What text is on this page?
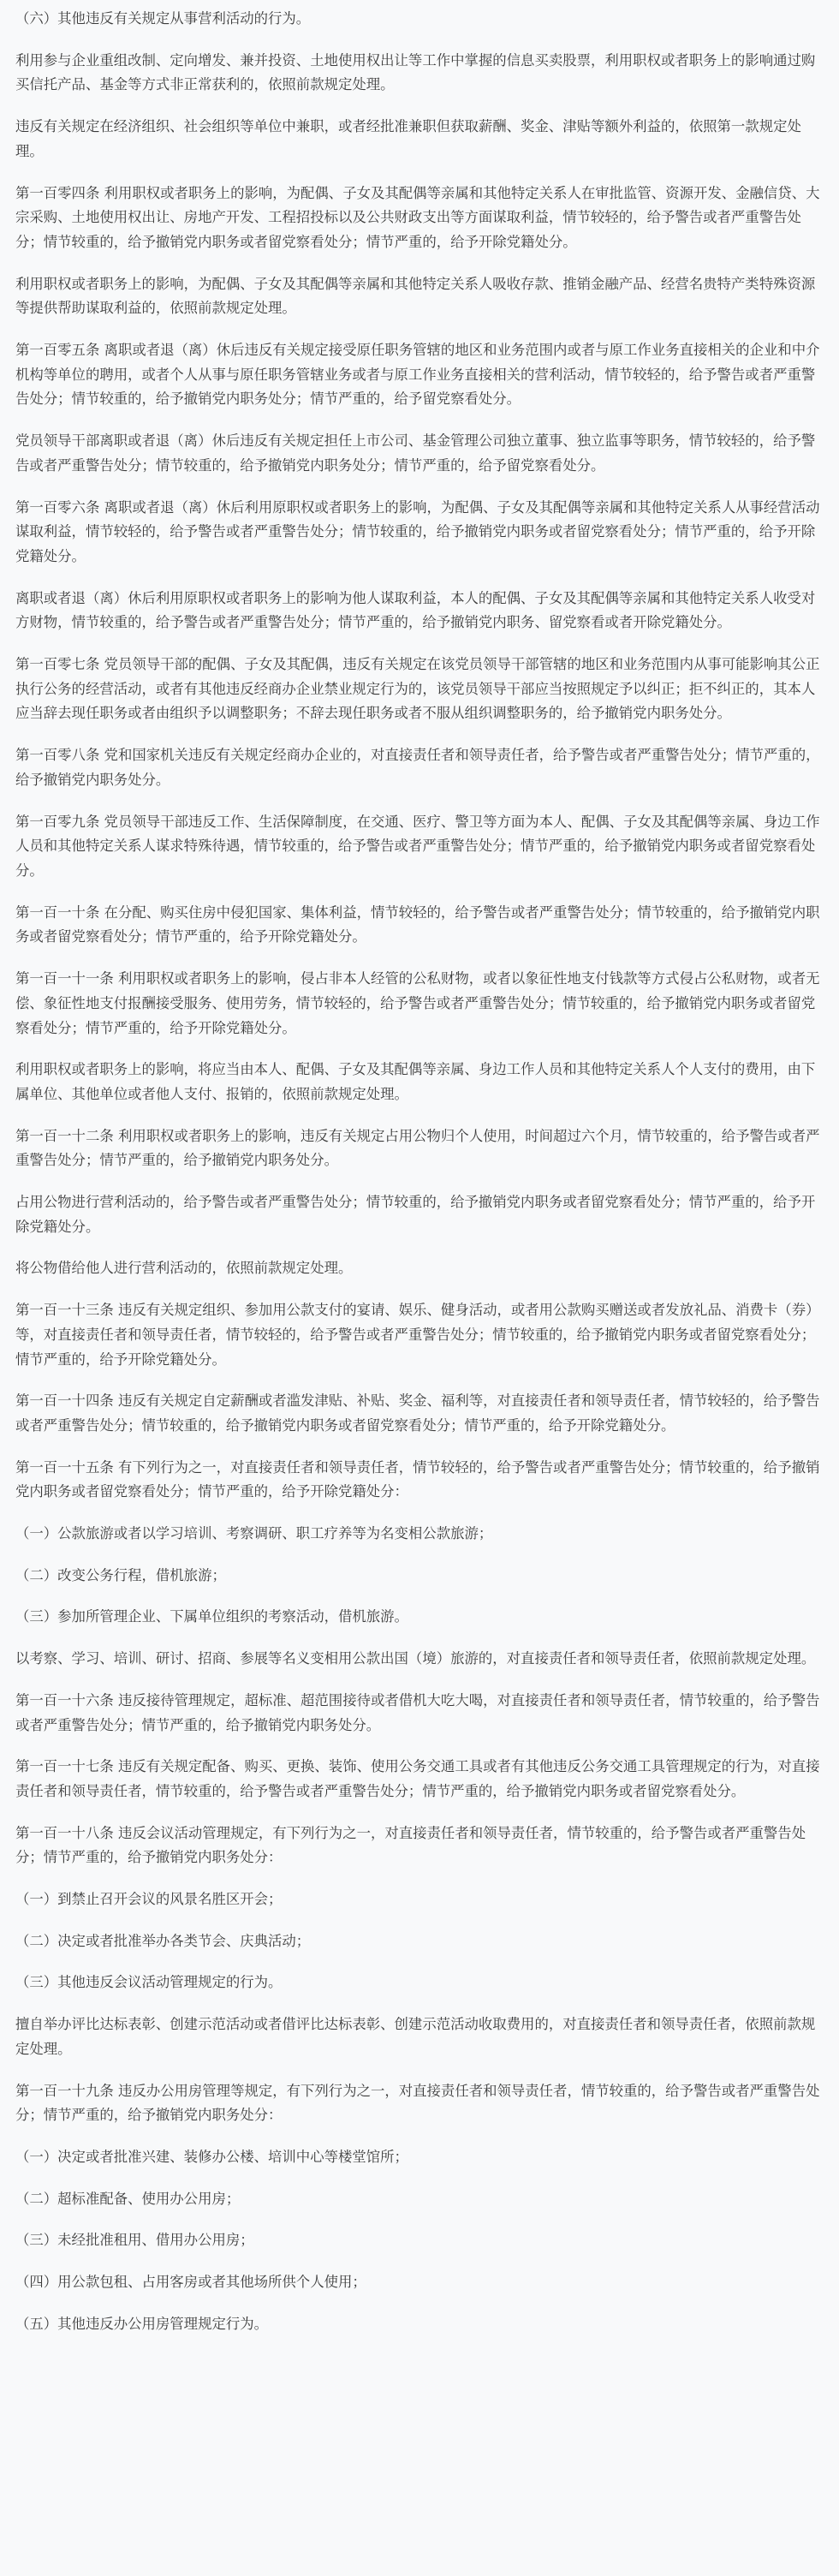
（六）其他违反有关规定从事营利活动的行为。

利用参与企业重组改制、定向增发、兼并投资、土地使用权出让等工作中掌握的信息买卖股票，利用职权或者职务上的影响通过购买信托产品、基金等方式非正常获利的，依照前款规定处理。

违反有关规定在经济组织、社会组织等单位中兼职，或者经批准兼职但获取薪酬、奖金、津贴等额外利益的，依照第一款规定处理。

第一百零四条 利用职权或者职务上的影响，为配偶、子女及其配偶等亲属和其他特定关系人在审批监管、资源开发、金融信贷、大宗采购、土地使用权出让、房地产开发、工程招投标以及公共财政支出等方面谋取利益，情节较轻的，给予警告或者严重警告处分；情节较重的，给予撤销党内职务或者留党察看处分；情节严重的，给予开除党籍处分。

利用职权或者职务上的影响，为配偶、子女及其配偶等亲属和其他特定关系人吸收存款、推销金融产品、经营名贵特产类特殊资源等提供帮助谋取利益的，依照前款规定处理。

第一百零五条 离职或者退（离）休后违反有关规定接受原任职务管辖的地区和业务范围内或者与原工作业务直接相关的企业和中介机构等单位的聘用，或者个人从事与原任职务管辖业务或者与原工作业务直接相关的营利活动，情节较轻的，给予警告或者严重警告处分；情节较重的，给予撤销党内职务处分；情节严重的，给予留党察看处分。

党员领导干部离职或者退（离）休后违反有关规定担任上市公司、基金管理公司独立董事、独立监事等职务，情节较轻的，给予警告或者严重警告处分；情节较重的，给予撤销党内职务处分；情节严重的，给予留党察看处分。

第一百零六条 离职或者退（离）休后利用原职权或者职务上的影响，为配偶、子女及其配偶等亲属和其他特定关系人从事经营活动谋取利益，情节较轻的，给予警告或者严重警告处分；情节较重的，给予撤销党内职务或者留党察看处分；情节严重的，给予开除党籍处分。

离职或者退（离）休后利用原职权或者职务上的影响为他人谋取利益，本人的配偶、子女及其配偶等亲属和其他特定关系人收受对方财物，情节较重的，给予警告或者严重警告处分；情节严重的，给予撤销党内职务、留党察看或者开除党籍处分。

第一百零七条 党员领导干部的配偶、子女及其配偶，违反有关规定在该党员领导干部管辖的地区和业务范围内从事可能影响其公正执行公务的经营活动，或者有其他违反经商办企业禁业规定行为的，该党员领导干部应当按照规定予以纠正；拒不纠正的，其本人应当辞去现任职务或者由组织予以调整职务；不辞去现任职务或者不服从组织调整职务的，给予撤销党内职务处分。

第一百零八条 党和国家机关违反有关规定经商办企业的，对直接责任者和领导责任者，给予警告或者严重警告处分；情节严重的，给予撤销党内职务处分。

第一百零九条 党员领导干部违反工作、生活保障制度，在交通、医疗、警卫等方面为本人、配偶、子女及其配偶等亲属、身边工作人员和其他特定关系人谋求特殊待遇，情节较重的，给予警告或者严重警告处分；情节严重的，给予撤销党内职务或者留党察看处分。

第一百一十条 在分配、购买住房中侵犯国家、集体利益，情节较轻的，给予警告或者严重警告处分；情节较重的，给予撤销党内职务或者留党察看处分；情节严重的，给予开除党籍处分。

第一百一十一条 利用职权或者职务上的影响，侵占非本人经管的公私财物，或者以象征性地支付钱款等方式侵占公私财物，或者无偿、象征性地支付报酬接受服务、使用劳务，情节较轻的，给予警告或者严重警告处分；情节较重的，给予撤销党内职务或者留党察看处分；情节严重的，给予开除党籍处分。

利用职权或者职务上的影响，将应当由本人、配偶、子女及其配偶等亲属、身边工作人员和其他特定关系人个人支付的费用，由下属单位、其他单位或者他人支付、报销的，依照前款规定处理。

第一百一十二条 利用职权或者职务上的影响，违反有关规定占用公物归个人使用，时间超过六个月，情节较重的，给予警告或者严重警告处分；情节严重的，给予撤销党内职务处分。

占用公物进行营利活动的，给予警告或者严重警告处分；情节较重的，给予撤销党内职务或者留党察看处分；情节严重的，给予开除党籍处分。

将公物借给他人进行营利活动的，依照前款规定处理。

第一百一十三条 违反有关规定组织、参加用公款支付的宴请、娱乐、健身活动，或者用公款购买赠送或者发放礼品、消费卡（券）等，对直接责任者和领导责任者，情节较轻的，给予警告或者严重警告处分；情节较重的，给予撤销党内职务或者留党察看处分；情节严重的，给予开除党籍处分。

第一百一十四条 违反有关规定自定薪酬或者滥发津贴、补贴、奖金、福利等，对直接责任者和领导责任者，情节较轻的，给予警告或者严重警告处分；情节较重的，给予撤销党内职务或者留党察看处分；情节严重的，给予开除党籍处分。

第一百一十五条 有下列行为之一，对直接责任者和领导责任者，情节较轻的，给予警告或者严重警告处分；情节较重的，给予撤销党内职务或者留党察看处分；情节严重的，给予开除党籍处分：

（一）公款旅游或者以学习培训、考察调研、职工疗养等为名变相公款旅游；

（二）改变公务行程，借机旅游；

（三）参加所管理企业、下属单位组织的考察活动，借机旅游。

以考察、学习、培训、研讨、招商、参展等名义变相用公款出国（境）旅游的，对直接责任者和领导责任者，依照前款规定处理。

第一百一十六条 违反接待管理规定，超标准、超范围接待或者借机大吃大喝，对直接责任者和领导责任者，情节较重的，给予警告或者严重警告处分；情节严重的，给予撤销党内职务处分。

第一百一十七条 违反有关规定配备、购买、更换、装饰、使用公务交通工具或者有其他违反公务交通工具管理规定的行为，对直接责任者和领导责任者，情节较重的，给予警告或者严重警告处分；情节严重的，给予撤销党内职务或者留党察看处分。

第一百一十八条 违反会议活动管理规定，有下列行为之一，对直接责任者和领导责任者，情节较重的，给予警告或者严重警告处分；情节严重的，给予撤销党内职务处分：

（一）到禁止召开会议的风景名胜区开会；

（二）决定或者批准举办各类节会、庆典活动；

（三）其他违反会议活动管理规定的行为。

擅自举办评比达标表彰、创建示范活动或者借评比达标表彰、创建示范活动收取费用的，对直接责任者和领导责任者，依照前款规定处理。

第一百一十九条 违反办公用房管理等规定，有下列行为之一，对直接责任者和领导责任者，情节较重的，给予警告或者严重警告处分；情节严重的，给予撤销党内职务处分：

（一）决定或者批准兴建、装修办公楼、培训中心等楼堂馆所；

（二）超标准配备、使用办公用房；

（三）未经批准租用、借用办公用房；

（四）用公款包租、占用客房或者其他场所供个人使用；

（五）其他违反办公用房管理规定行为。
